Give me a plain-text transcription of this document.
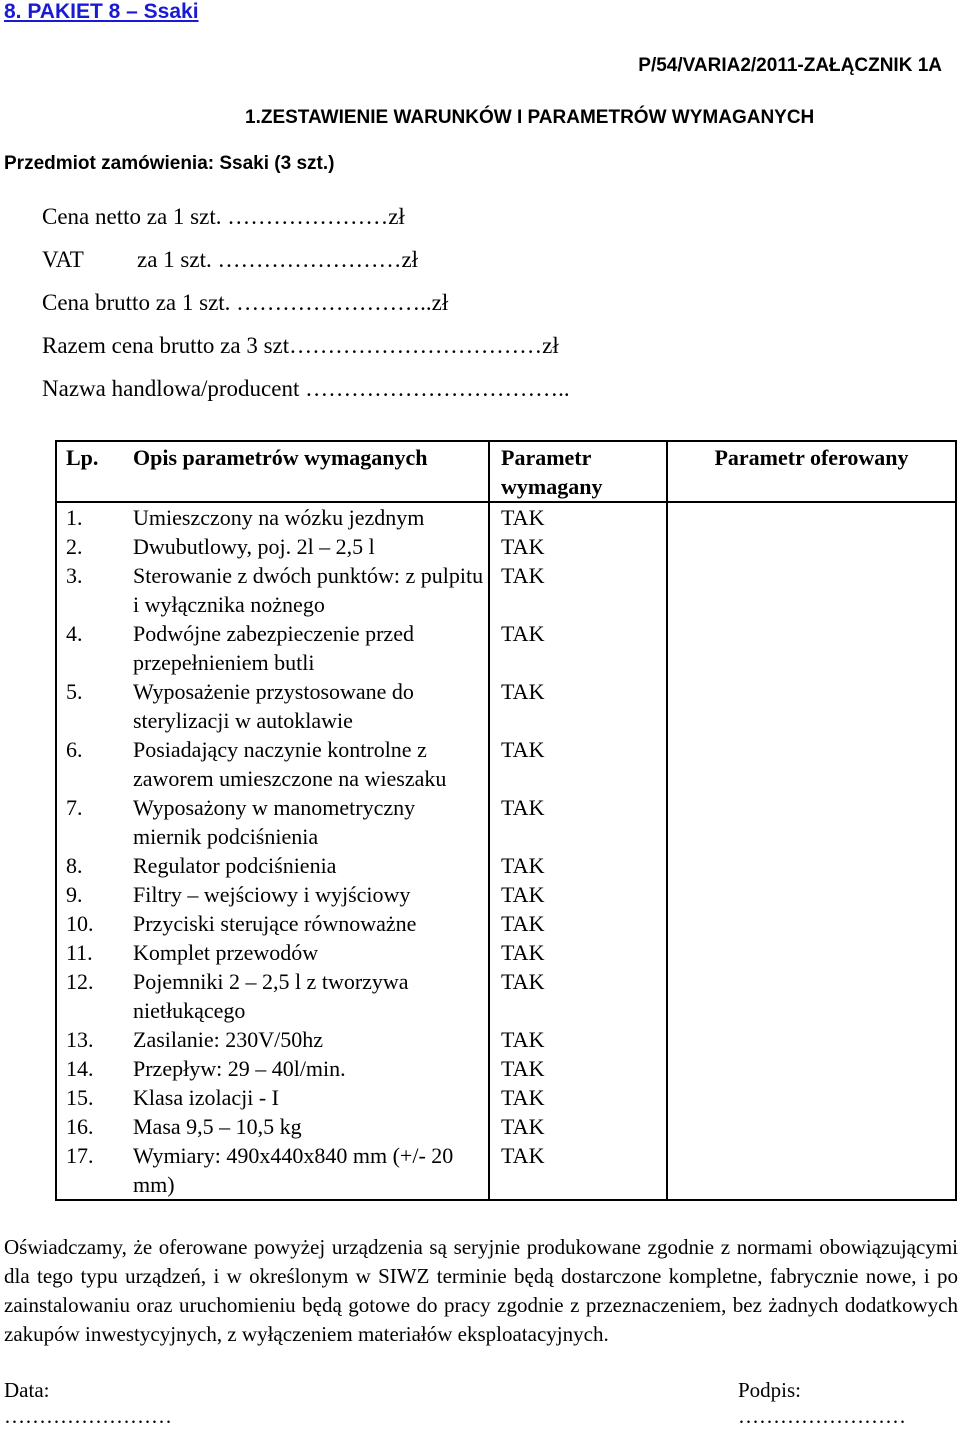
8. PAKIET 8 – Ssaki
P/54/VARIA2/2011-ZAŁĄCZNIK 1A
1.ZESTAWIENIE WARUNKÓW I PARAMETRÓW WYMAGANYCH
Przedmiot zamówienia: Ssaki (3 szt.)
Cena netto za 1 szt. …………………zł
VAT za 1 szt. ……………………zł
Cena brutto za 1 szt. ……………………..zł
Razem cena brutto za 3 szt……………………………zł
Nazwa handlowa/producent ……………………………..
Lp.	Opis parametrów wymaganych	Parametr wymagany	Parametr oferowany
1.	Umieszczony na wózku jezdnym	TAK	
2.	Dwubutlowy, poj. 2l – 2,5 l	TAK	
3.	Sterowanie z dwóch punktów: z pulpitu i wyłącznika nożnego	TAK	
4.	Podwójne zabezpieczenie przed przepełnieniem butli	TAK	
5.	Wyposażenie przystosowane do sterylizacji w autoklawie	TAK	
6.	Posiadający naczynie kontrolne z zaworem umieszczone na wieszaku	TAK	
7.	Wyposażony w manometryczny miernik podciśnienia	TAK	
8.	Regulator podciśnienia	TAK	
9.	Filtry – wejściowy i wyjściowy	TAK	
10.	Przyciski sterujące równoważne	TAK	
11.	Komplet przewodów	TAK	
12.	Pojemniki 2 – 2,5 l z tworzywa nietłukącego	TAK	
13.	Zasilanie: 230V/50hz	TAK	
14.	Przepływ: 29 – 40l/min.	TAK	
15.	Klasa izolacji - I	TAK	
16.	Masa 9,5 – 10,5 kg	TAK	
17.	Wymiary: 490x440x840 mm (+/- 20 mm)	TAK	
Oświadczamy, że oferowane powyżej urządzenia są seryjnie produkowane zgodnie z normami obowiązującymi dla tego typu urządzeń, i w określonym w SIWZ terminie będą dostarczone kompletne, fabrycznie nowe, i po zainstalowaniu oraz uruchomieniu będą gotowe do pracy zgodnie z przeznaczeniem, bez żadnych dodatkowych zakupów inwestycyjnych, z wyłączeniem materiałów eksploatacyjnych.
Data:
……………………
Podpis:
……………………
